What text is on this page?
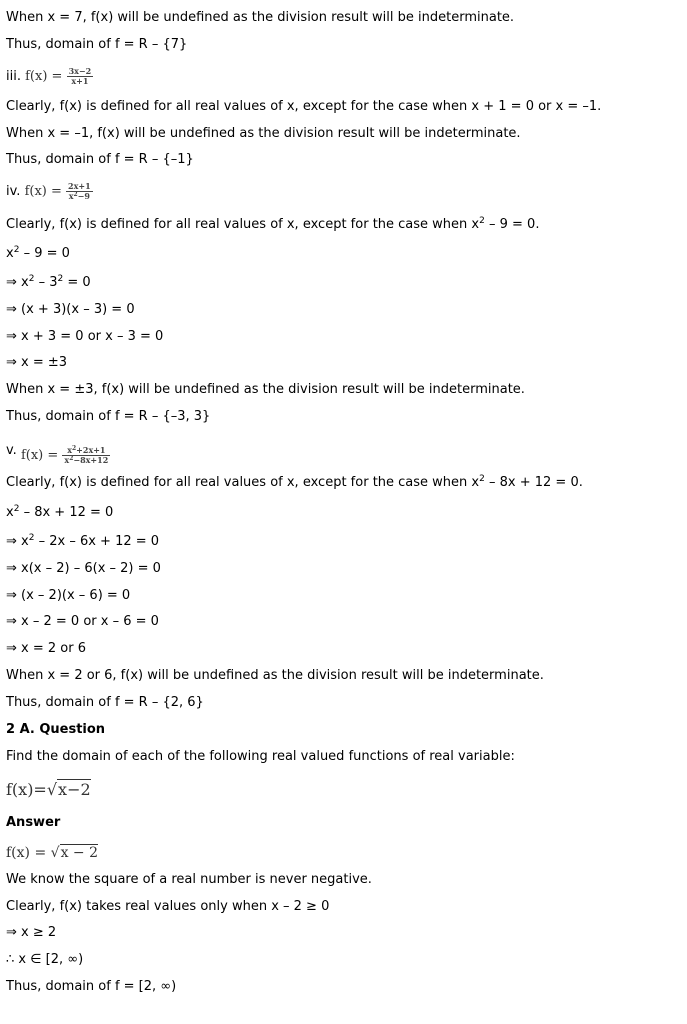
When x = 7, f(x) will be undefined as the division result will be indeterminate.
Thus, domain of f = R – {7}
iii. $f(x) = \frac{3x-2}{x+1}$
Clearly, f(x) is defined for all real values of x, except for the case when x + 1 = 0 or x = –1.
When x = –1, f(x) will be undefined as the division result will be indeterminate.
Thus, domain of f = R – {–1}
iv. $f(x) = \frac{2x+1}{x^2-9}$
Clearly, f(x) is defined for all real values of x, except for the case when $x^2 - 9 = 0$.
$x^2 - 9 = 0$
⇒ $x^2 - 3^2 = 0$
⇒ (x + 3)(x – 3) = 0
⇒ x + 3 = 0 or x – 3 = 0
⇒ x = ±3
When x = ±3, f(x) will be undefined as the division result will be indeterminate.
Thus, domain of f = R – {–3, 3}
v. $f(x) = \frac{x^2+2x+1}{x^2-8x+12}$
Clearly, f(x) is defined for all real values of x, except for the case when $x^2 - 8x + 12 = 0$.
$x^2 - 8x + 12 = 0$
⇒ $x^2 - 2x - 6x + 12 = 0$
⇒ x(x – 2) – 6(x – 2) = 0
⇒ (x – 2)(x – 6) = 0
⇒ x – 2 = 0 or x – 6 = 0
⇒ x = 2 or 6
When x = 2 or 6, f(x) will be undefined as the division result will be indeterminate.
Thus, domain of f = R – {2, 6}
2 A. Question
Find the domain of each of the following real valued functions of real variable:
f(x)=√x−2
Answer
f(x) = √x − 2
We know the square of a real number is never negative.
Clearly, f(x) takes real values only when x – 2 ≥ 0
⇒ x ≥ 2
∴ x ∈ [2, ∞)
Thus, domain of f = [2, ∞)
